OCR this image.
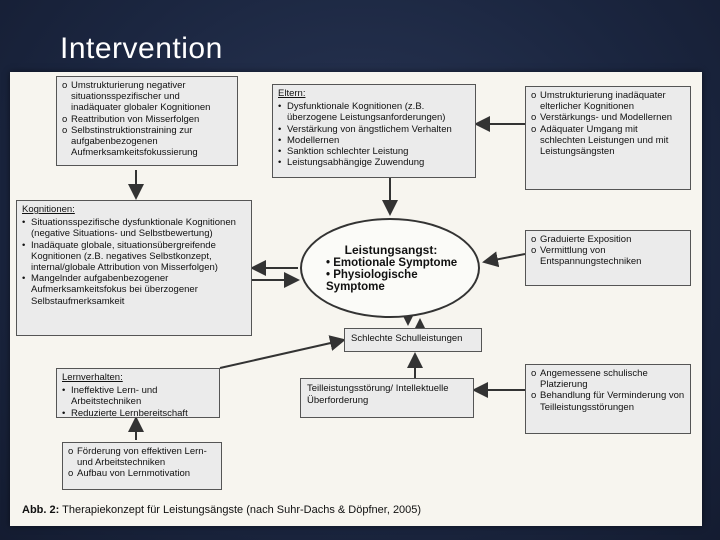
Intervention
o Umstrukturierung negativer situationsspezifischer und inadäquater globaler Kognitionen
o Reattribution von Misserfolgen
o Selbstinstruktionstraining zur aufgabenbezogenen Aufmerksamkeitsfokussierung
Eltern:
• Dysfunktionale Kognitionen (z.B. überzogene Leistungsanforderungen)
• Verstärkung von ängstlichem Verhalten
• Modellernen
• Sanktion schlechter Leistung
• Leistungsabhängige Zuwendung
o Umstrukturierung inadäquater elterlicher Kognitionen
o Verstärkungs- und Modellernen
o Adäquater Umgang mit schlechten Leistungen und mit Leistungsängsten
Kognitionen:
• Situationsspezifische dysfunktionale Kognitionen (negative Situations- und Selbstbewertung)
• Inadäquate globale, situationsübergreifende Kognitionen (z.B. negatives Selbstkonzept, internal/globale Attribution von Misserfolgen)
• Mangelnder aufgabenbezogener Aufmerksamkeitsfokus bei überzogener Selbstaufmerksamkeit
Leistungsangst:
• Emotionale Symptome
• Physiologische Symptome
o Graduierte Exposition
o Vermittlung von Entspannungstechniken
Schlechte Schulleistungen
Lernverhalten:
• Ineffektive Lern- und Arbeitstechniken
• Reduzierte Lernbereitschaft
Teilleistungsstörung/ Intellektuelle Überforderung
o Angemessene schulische Platzierung
o Behandlung für Verminderung von Teilleistungsstörungen
o Förderung von effektiven Lern- und Arbeitstechniken
o Aufbau von Lernmotivation
Abb. 2: Therapiekonzept für Leistungsängste (nach Suhr-Dachs & Döpfner, 2005)
